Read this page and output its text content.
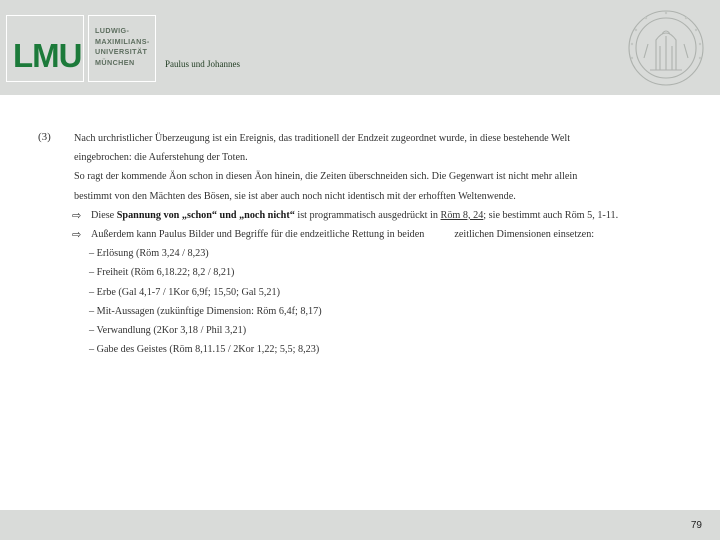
LMU
LUDWIG-
MAXIMILIANS-
UNIVERSITÄT
MÜNCHEN	Paulus und Johannes
(3) Nach urchristlicher Überzeugung ist ein Ereignis, das traditionell der Endzeit zugeordnet wurde, in diese bestehende Welt
eingebrochen: die Auferstehung der Toten.
So ragt der kommende Äon schon in diesen Äon hinein, die Zeiten überschneiden sich. Die Gegenwart ist nicht mehr allein
bestimmt von den Mächten des Bösen, sie ist aber auch noch nicht identisch mit der erhofften Weltenwende.
⇨ Diese Spannung von „schon“ und „noch nicht“ ist programmatisch ausgedrückt in Röm 8, 24; sie bestimmt auch Röm 5, 1-11.
⇨ Außerdem kann Paulus Bilder und Begriffe für die endzeitliche Rettung in beiden	zeitlichen Dimensionen einsetzen:
– Erlösung (Röm 3,24 / 8,23)
– Freiheit (Röm 6,18.22; 8,2 / 8,21)
– Erbe (Gal 4,1-7 / 1Kor 6,9f; 15,50; Gal 5,21)
– Mit-Aussagen (zukünftige Dimension: Röm 6,4f; 8,17)
– Verwandlung (2Kor 3,18 / Phil 3,21)
– Gabe des Geistes (Röm 8,11.15 / 2Kor 1,22; 5,5; 8,23)
79
